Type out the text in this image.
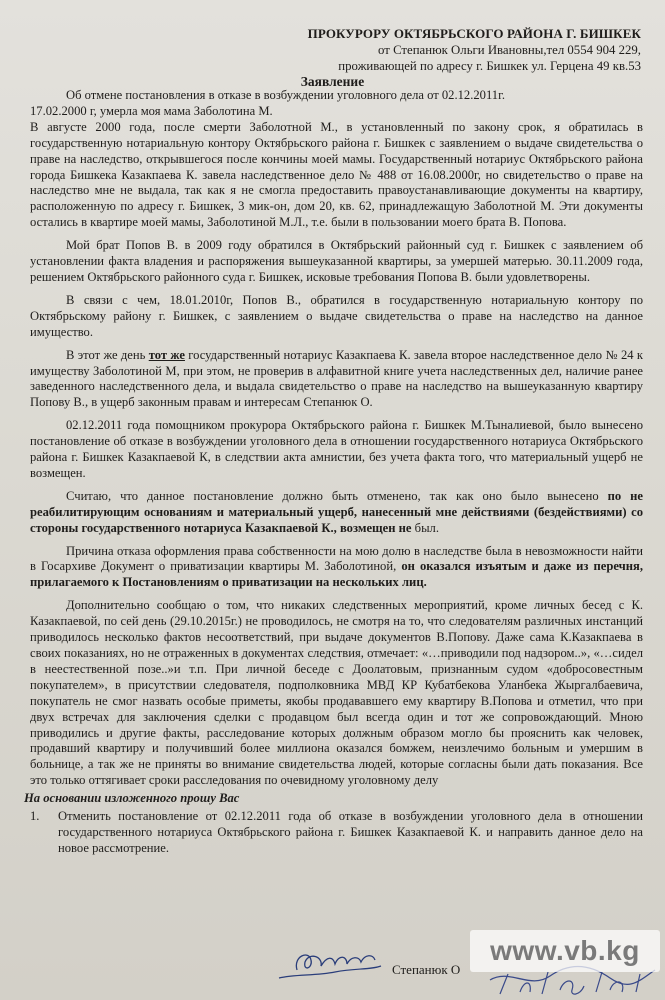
ПРОКУРОРУ ОКТЯБРЬСКОГО РАЙОНА Г. БИШКЕК
от Степанюк Ольги Ивановны,тел 0554 904 229,
проживающей по адресу г. Бишкек ул. Герцена 49 кв.53
Заявление

Об отмене постановления в отказе в возбуждении уголовного дела от 02.12.2011г.

17.02.2000 г, умерла моя мама Заболотина М.

В августе 2000 года, после смерти Заболотной М., в установленный по закону срок, я обратилась в государственную нотариальную контору Октябрьского района г. Бишкек с заявлением о выдаче свидетельства о праве на наследство, открывшегося после кончины моей мамы. Государственный нотариус Октябрьского района города Бишкека Казакпаева К. завела наследственное дело № 488 от 16.08.2000г, но свидетельство о праве на наследство мне не выдала, так как я не смогла предоставить правоустанавливающие документы на квартиру, расположенную по адресу г. Бишкек, 3 мик-он, дом 20, кв. 62, принадлежащую Заболотной М. Эти документы остались в квартире моей мамы, Заболотиной М.Л., т.е. были в пользовании моего брата В. Попова.

Мой брат Попов В. в 2009 году обратился в Октябрьский районный суд г. Бишкек с заявлением об установлении факта владения и распоряжения вышеуказанной квартиры, за умершей матерью. 30.11.2009 года, решением Октябрьского районного суда г. Бишкек, исковые требования Попова В. были удовлетворены.

В связи с чем, 18.01.2010г, Попов В., обратился в государственную нотариальную контору по Октябрьскому району г. Бишкек, с заявлением о выдаче свидетельства о праве на наследство на данное имущество.

В этот же день тот же государственный нотариус Казакпаева К. завела второе наследственное дело № 24 к имуществу Заболотиной М, при этом, не проверив в алфавитной книге учета наследственных дел, наличие ранее заведенного наследственного дела, и выдала свидетельство о праве на наследство на вышеуказанную квартиру Попову В., в ущерб законным правам и интересам Степанюк О.

02.12.2011 года помощником прокурора Октябрьского района г. Бишкек М.Тыналиевой, было вынесено постановление об отказе в возбуждении уголовного дела в отношении государственного нотариуса Октябрьского района г. Бишкек Казакпаевой К, в следствии акта амнистии, без учета факта того, что материальный ущерб не возмещен.

Считаю, что данное постановление должно быть отменено, так как оно было вынесено по не реабилитирующим основаниям и материальный ущерб, нанесенный мне действиями (бездействиями) со стороны государственного нотариуса Казакпаевой К., возмещен не был.

Причина отказа оформления права собственности на мою долю в наследстве была в невозможности найти в Госархиве Документ о приватизации квартиры М. Заболотиной, он оказался изъятым и даже из перечня, прилагаемого к Постановлениям о приватизации на нескольких лиц.

Дополнительно сообщаю о том, что никаких следственных мероприятий, кроме личных бесед с К. Казакпаевой, по сей день (29.10.2015г.) не проводилось, не смотря на то, что следователям различных инстанций приводилось несколько фактов несоответствий, при выдаче документов В.Попову. Даже сама К.Казакпаева в своих показаниях, но не отраженных в документах следствия, отмечает: «…приводили под надзором..», «…сидел в неестественной позе..»и т.п. При личной беседе с Доолатовым, признанным судом «добросовестным покупателем», в присутствии следователя, подполковника МВД КР Кубатбекова Уланбека Жыргалбаевича, покупатель не смог назвать особые приметы, якобы продававшего ему квартиру В.Попова и отметил, что при двух встречах для заключения сделки с продавцом был всегда один и тот же сопровождающий. Мною приводились и другие факты, расследование которых должным образом могло бы прояснить как человек, продавший квартиру и получивший более миллиона оказался бомжем, неизлечимо больным и умершим в больнице, а так же не приняты во внимание свидетельства людей, которые согласны были дать показания. Все это только оттягивает сроки расследования по очевидному уголовному делу

На основании изложенного прошу Вас
1.	Отменить постановление от 02.12.2011 года об отказе в возбуждении уголовного дела в отношении государственного нотариуса Октябрьского района г. Бишкек Казакпаевой К. и направить данное дело на новое рассмотрение.
Степанюк О
www.vb.kg
